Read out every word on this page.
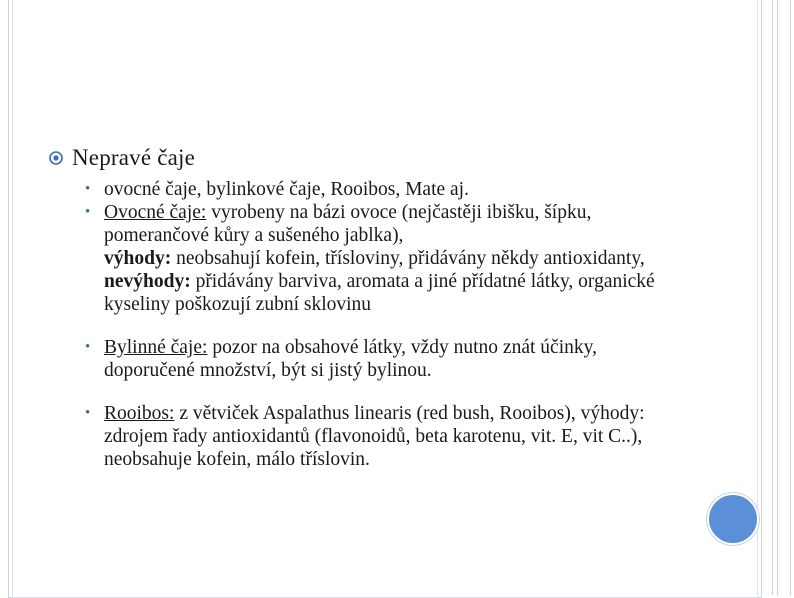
Nepravé čaje
• ovocné čaje, bylinkové čaje, Rooibos, Mate aj.
• Ovocné čaje: vyrobeny na bázi ovoce (nejčastěji ibišku, šípku, pomerančové kůry a sušeného jablka),
výhody: neobsahují kofein, třísloviny, přidávány někdy antioxidanty, nevýhody: přidávány barviva, aromata a jiné přídatné látky, organické kyseliny poškozují zubní sklovinu
• Bylinné čaje: pozor na obsahové látky, vždy nutno znát účinky, doporučené množství, být si jistý bylinou.
• Rooibos: z větviček Aspalathus linearis (red bush, Rooibos), výhody: zdrojem řady antioxidantů (flavonoidů, beta karotenu, vit. E, vit C..), neobsahuje kofein, málo tříslovin.
